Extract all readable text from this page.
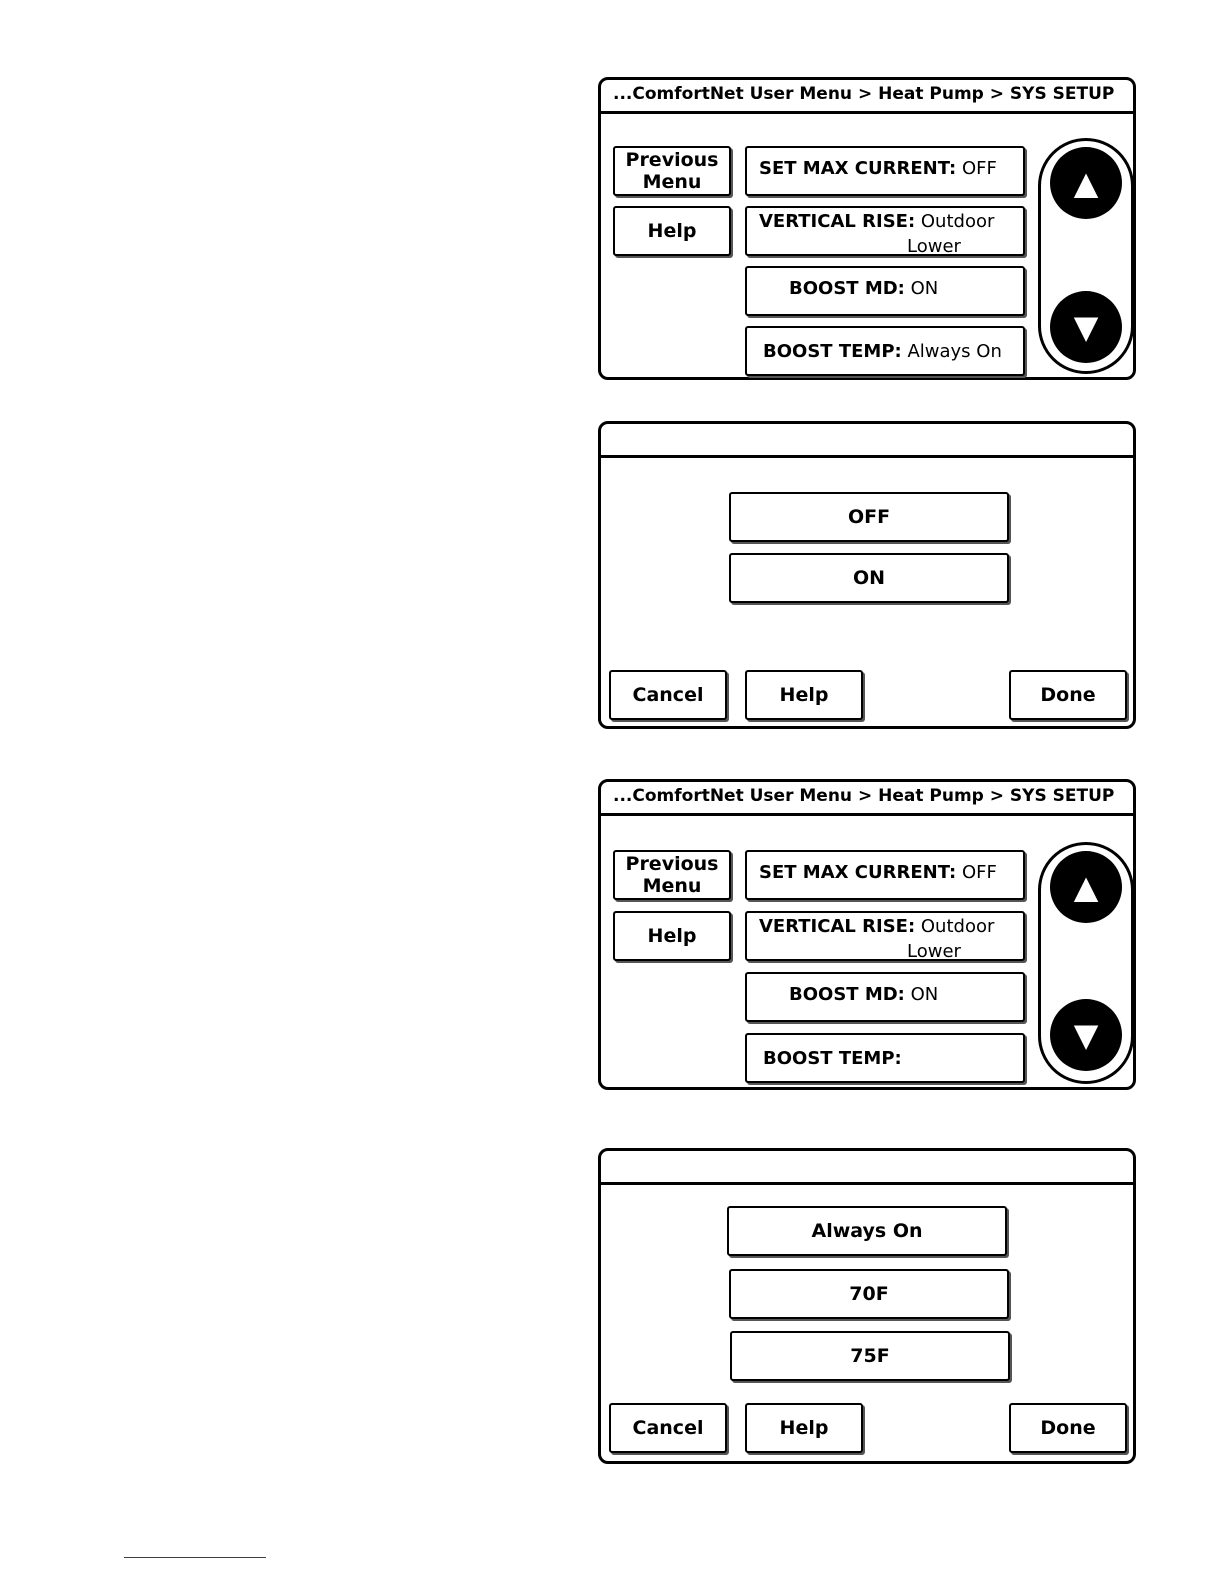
...ComfortNet User Menu > Heat Pump > SYS SETUP
Previous
Menu
Help
SET MAX CURRENT: OFF
VERTICAL RISE: Outdoor
Lower
BOOST MD: ON
BOOST TEMP: Always On
▲
▼
OFF
ON
Cancel	Help	Done
...ComfortNet User Menu > Heat Pump > SYS SETUP
Previous
Menu
Help
SET MAX CURRENT: OFF
VERTICAL RISE: Outdoor
Lower
BOOST MD: ON
BOOST TEMP:
▲
▼
Always On
70F
75F
Cancel	Help	Done
